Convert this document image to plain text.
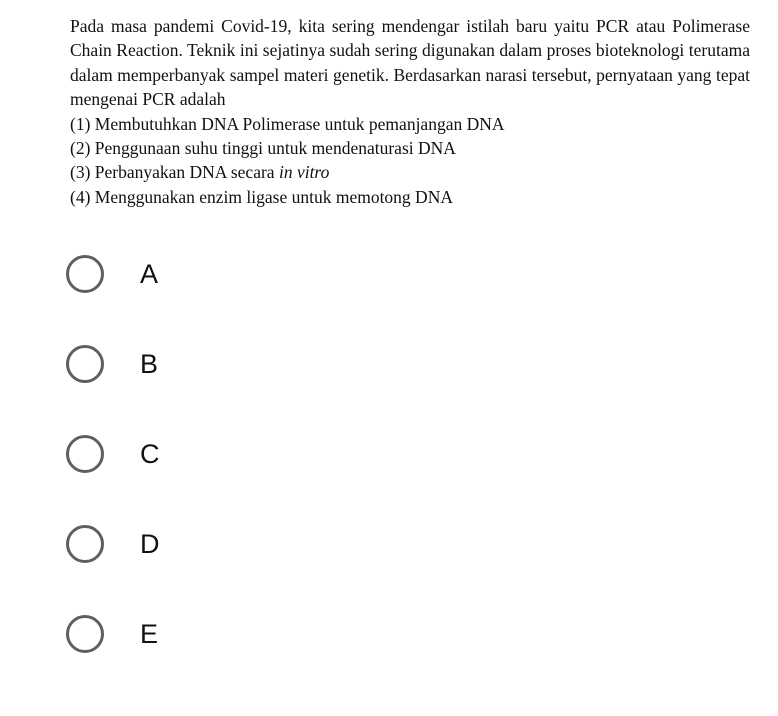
Pada masa pandemi Covid-19, kita sering mendengar istilah baru yaitu PCR atau Polimerase Chain Reaction. Teknik ini sejatinya sudah sering digunakan dalam proses bioteknologi terutama dalam memperbanyak sampel materi genetik. Berdasarkan narasi tersebut, pernyataan yang tepat mengenai PCR adalah

(1) Membutuhkan DNA Polimerase untuk pemanjangan DNA

(2) Penggunaan suhu tinggi untuk mendenaturasi DNA

(3) Perbanyakan DNA secara in vitro

(4) Menggunakan enzim ligase untuk memotong DNA

A
B
C
D
E
